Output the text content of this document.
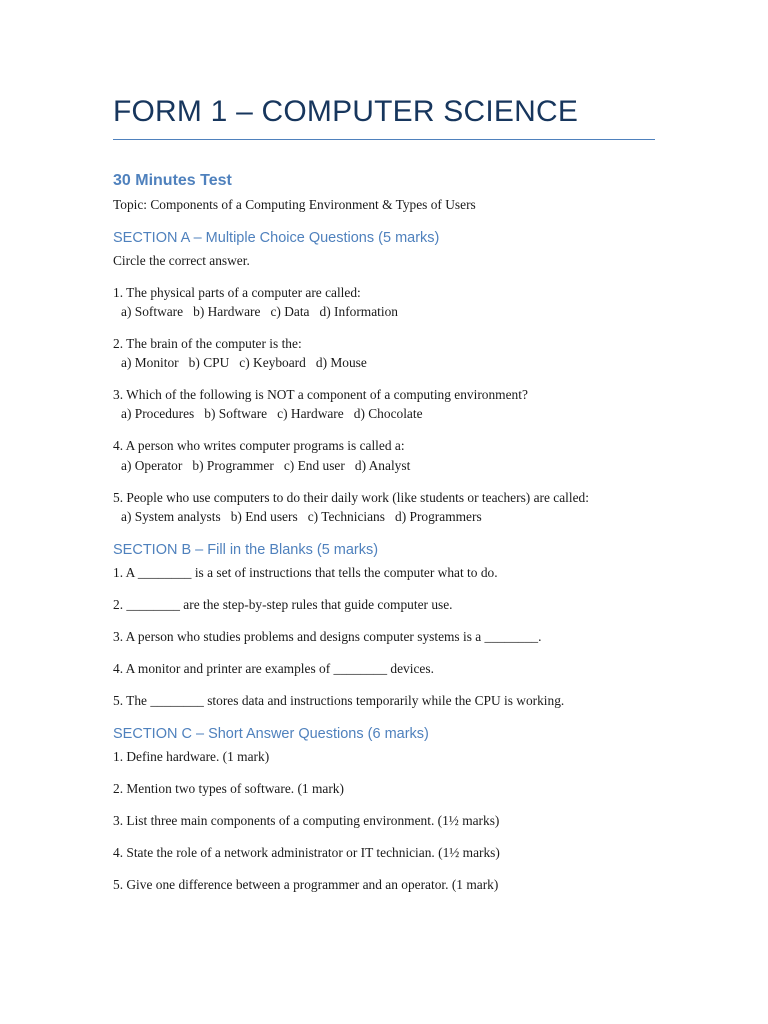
FORM 1 – COMPUTER SCIENCE
30 Minutes Test
Topic: Components of a Computing Environment & Types of Users
SECTION A – Multiple Choice Questions (5 marks)
Circle the correct answer.
1. The physical parts of a computer are called:
a) Software   b) Hardware   c) Data   d) Information
2. The brain of the computer is the:
a) Monitor   b) CPU   c) Keyboard   d) Mouse
3. Which of the following is NOT a component of a computing environment?
a) Procedures   b) Software   c) Hardware   d) Chocolate
4. A person who writes computer programs is called a:
a) Operator   b) Programmer   c) End user   d) Analyst
5. People who use computers to do their daily work (like students or teachers) are called:
a) System analysts   b) End users   c) Technicians   d) Programmers
SECTION B – Fill in the Blanks (5 marks)
1. A ________ is a set of instructions that tells the computer what to do.
2. ________ are the step-by-step rules that guide computer use.
3. A person who studies problems and designs computer systems is a ________.
4. A monitor and printer are examples of ________ devices.
5. The ________ stores data and instructions temporarily while the CPU is working.
SECTION C – Short Answer Questions (6 marks)
1. Define hardware. (1 mark)
2. Mention two types of software. (1 mark)
3. List three main components of a computing environment. (1½ marks)
4. State the role of a network administrator or IT technician. (1½ marks)
5. Give one difference between a programmer and an operator. (1 mark)
